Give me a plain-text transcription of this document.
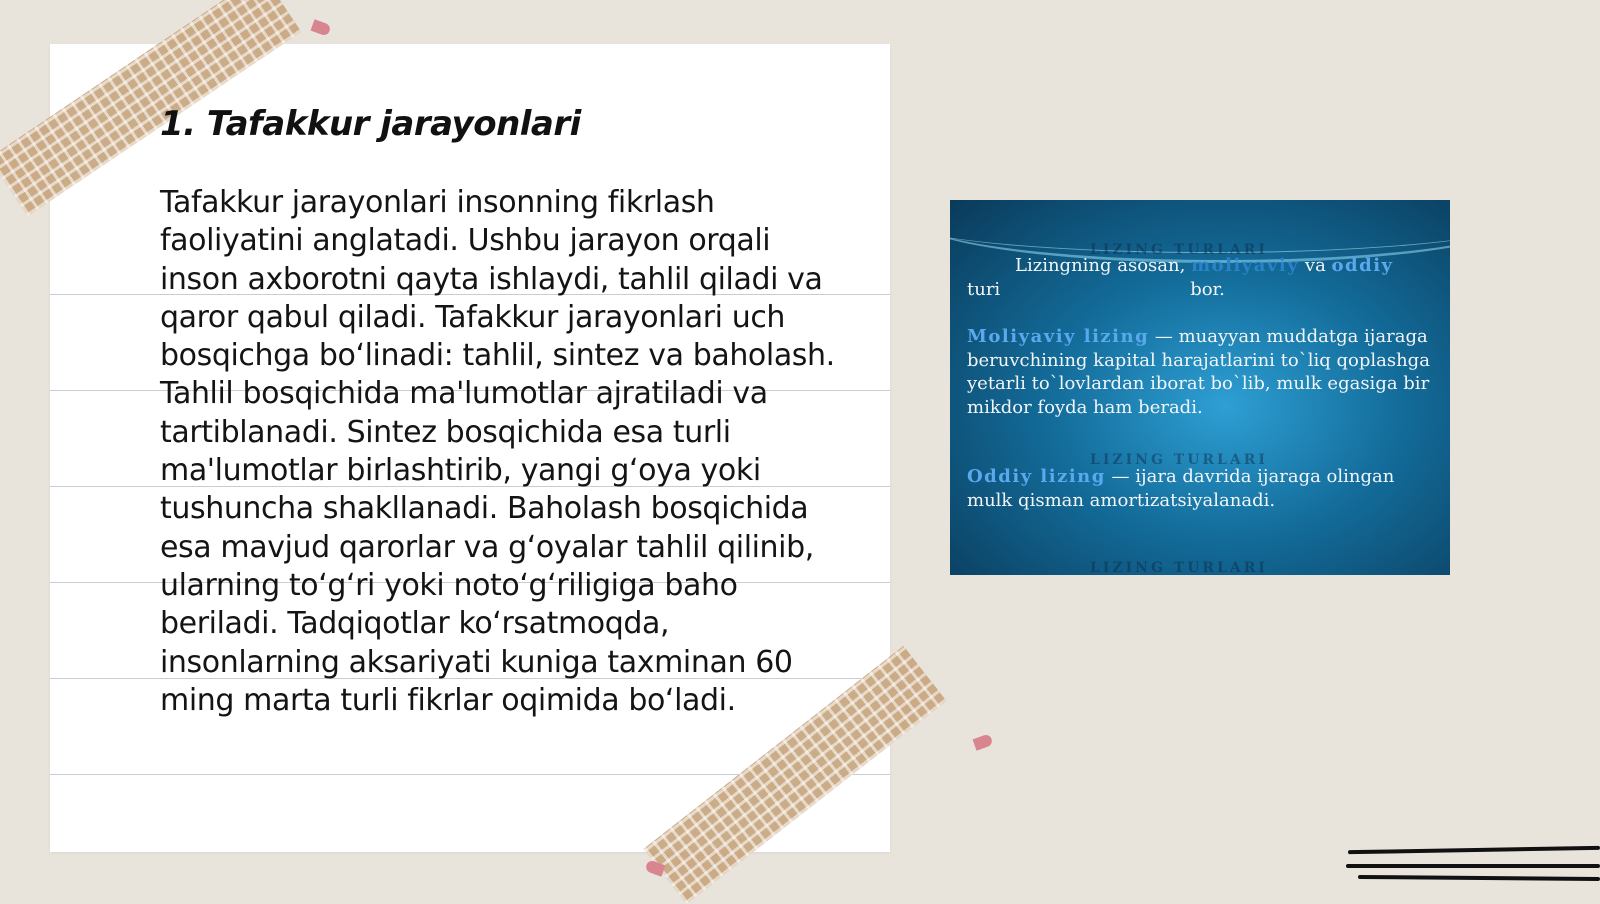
1. Tafakkur jarayonlari

Tafakkur jarayonlari insonning fikrlash faoliyatini anglatadi. Ushbu jarayon orqali inson axborotni qayta ishlaydi, tahlil qiladi va qaror qabul qiladi. Tafakkur jarayonlari uch bosqichga bo‘linadi: tahlil, sintez va baholash. Tahlil bosqichida ma'lumotlar ajratiladi va tartiblanadi. Sintez bosqichida esa turli ma'lumotlar birlashtirib, yangi g‘oya yoki tushuncha shakllanadi. Baholash bosqichida esa mavjud qarorlar va g‘oyalar tahlil qilinib, ularning to‘g‘ri yoki noto‘g‘riligiga baho beriladi. Tadqiqotlar ko‘rsatmoqda, insonlarning aksariyati kuniga taxminan 60 ming marta turli fikrlar oqimida bo‘ladi.

LIZING TURLARI
LIZING TURLARI
LIZING TURLARI

Lizingning asosan, moliyaviy va oddiy
turi	bor.

Moliyaviy lizing — muayyan muddatga ijaraga beruvchining kapital harajatlarini to`liq qoplashga yetarli to`lovlardan iborat bo`lib, mulk egasiga bir mikdor foyda ham beradi.

Oddiy lizing — ijara davrida ijaraga olingan mulk qisman amortizatsiyalanadi.
